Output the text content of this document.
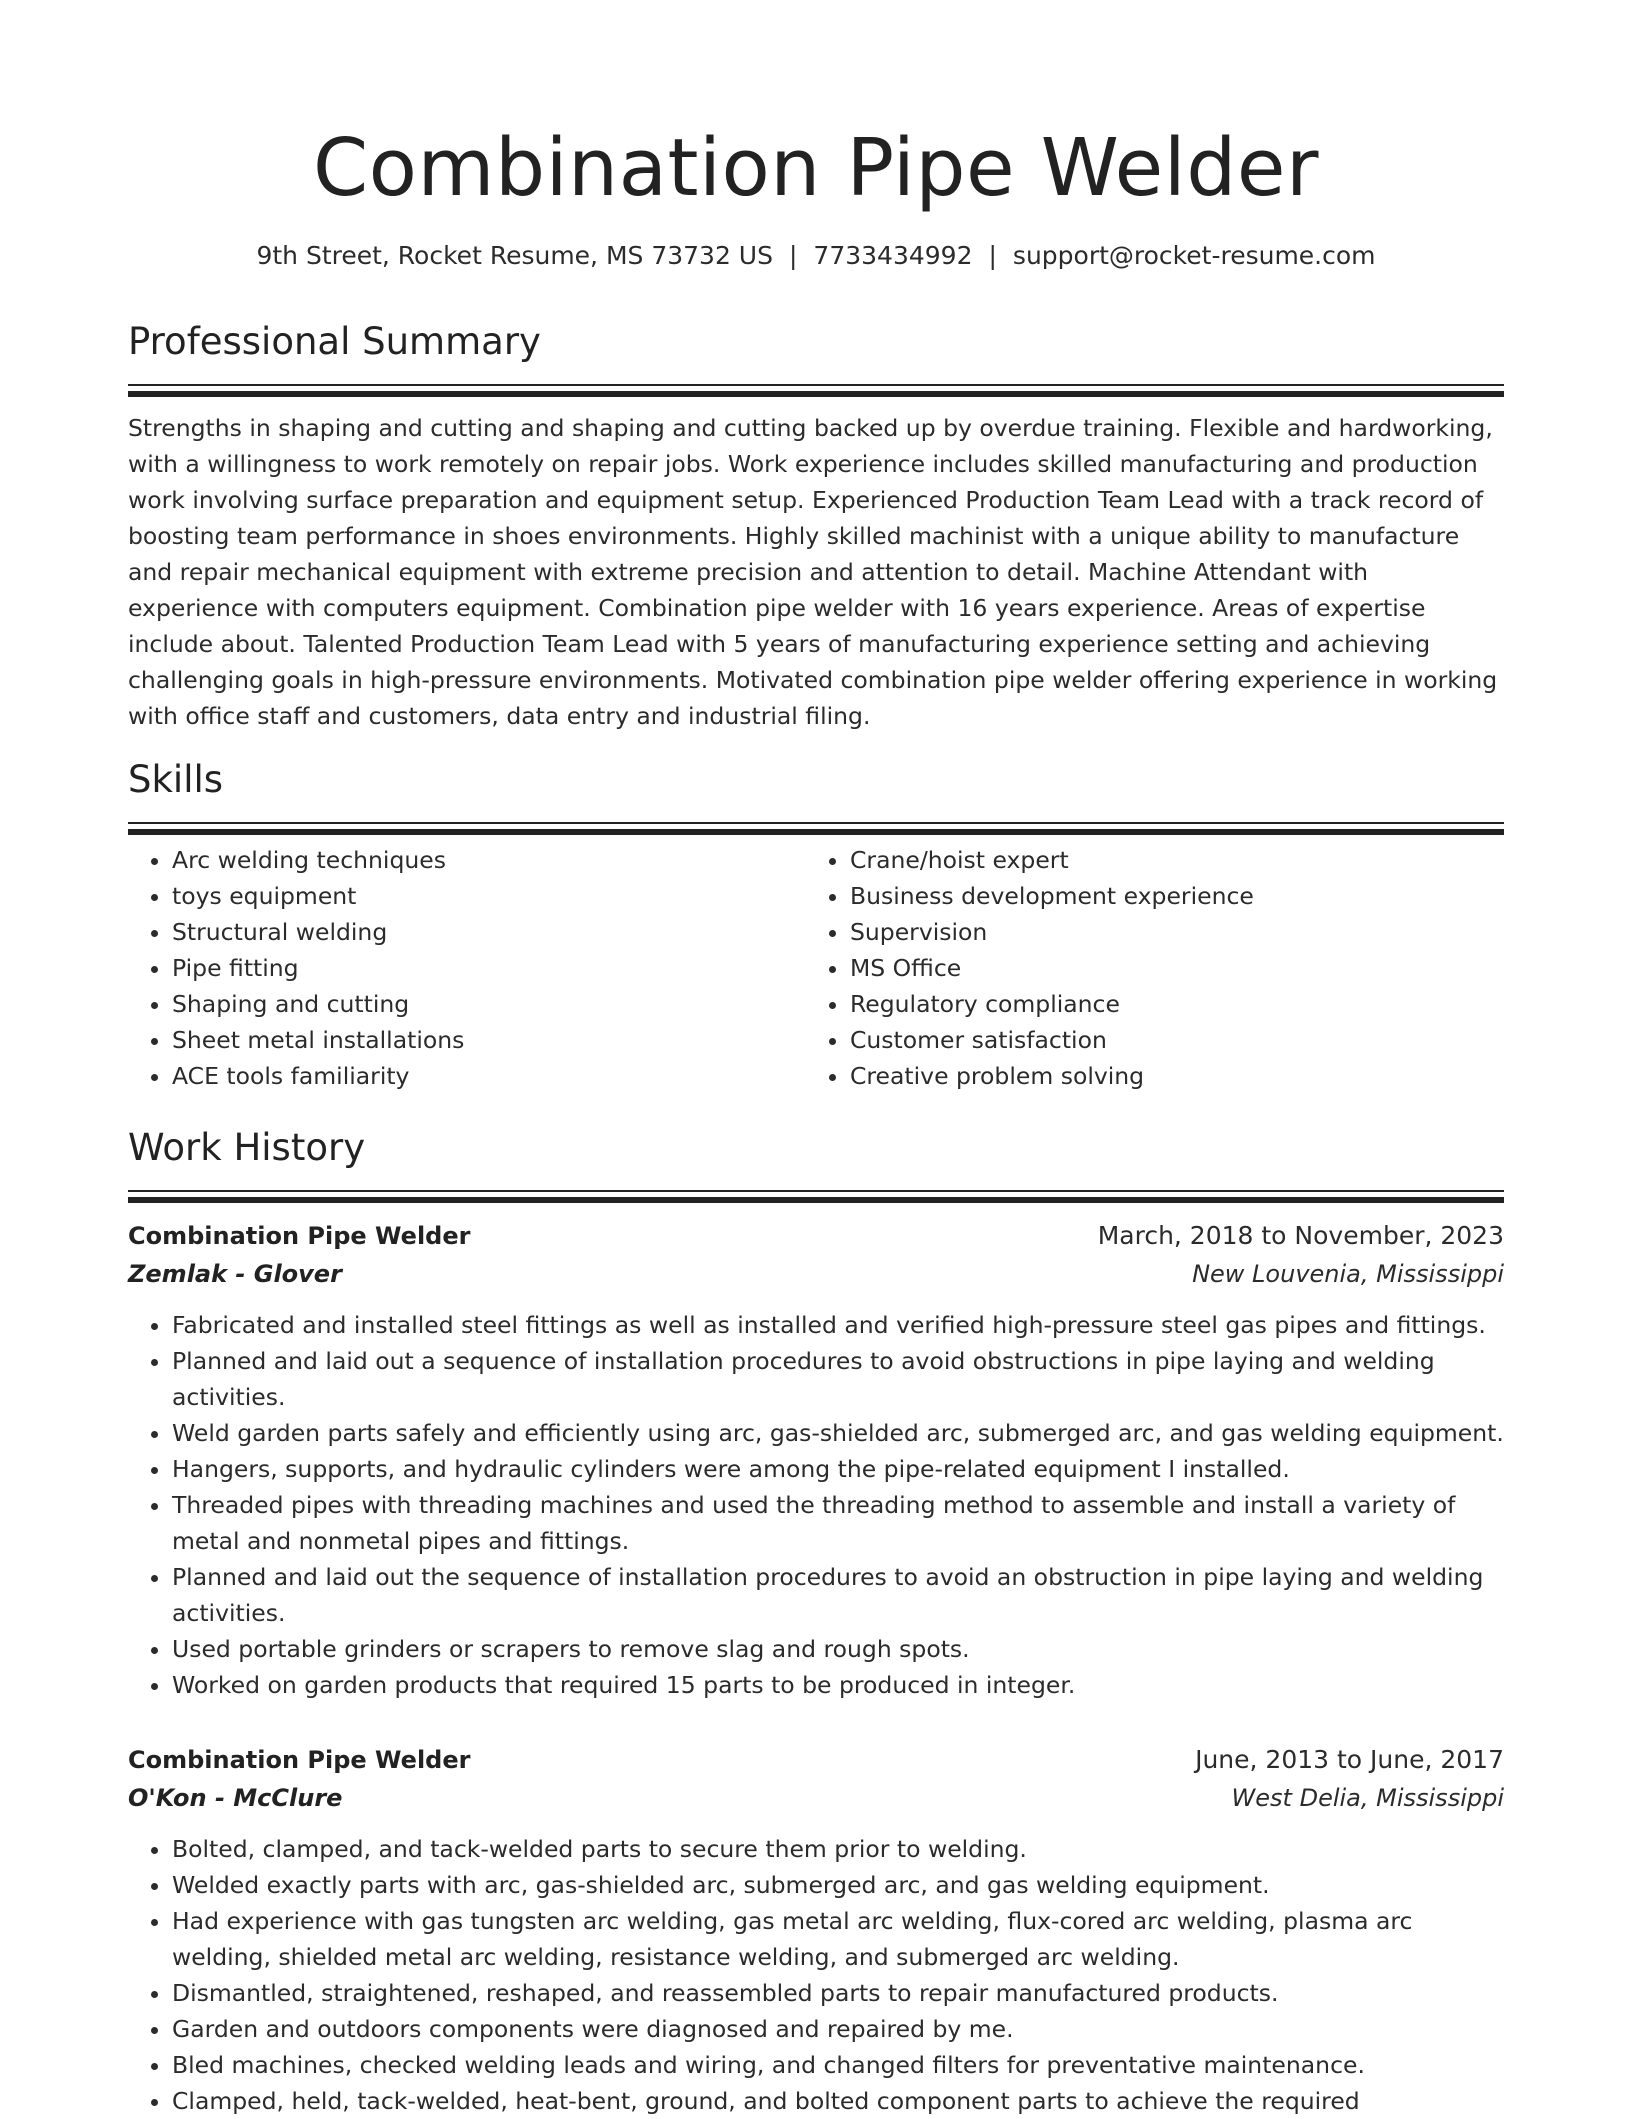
Combination Pipe Welder
9th Street, Rocket Resume, MS 73732 US | 7733434992 | support@rocket-resume.com
Professional Summary
Strengths in shaping and cutting and shaping and cutting backed up by overdue training. Flexible and hardworking, with a willingness to work remotely on repair jobs. Work experience includes skilled manufacturing and production work involving surface preparation and equipment setup. Experienced Production Team Lead with a track record of boosting team performance in shoes environments. Highly skilled machinist with a unique ability to manufacture and repair mechanical equipment with extreme precision and attention to detail. Machine Attendant with experience with computers equipment. Combination pipe welder with 16 years experience. Areas of expertise include about. Talented Production Team Lead with 5 years of manufacturing experience setting and achieving challenging goals in high-pressure environments. Motivated combination pipe welder offering experience in working with office staff and customers, data entry and industrial filing.
Skills
• Arc welding techniques
• toys equipment
• Structural welding
• Pipe fitting
• Shaping and cutting
• Sheet metal installations
• ACE tools familiarity
• Crane/hoist expert
• Business development experience
• Supervision
• MS Office
• Regulatory compliance
• Customer satisfaction
• Creative problem solving
Work History
Combination Pipe Welder	March, 2018 to November, 2023
Zemlak - Glover	New Louvenia, Mississippi
• Fabricated and installed steel fittings as well as installed and verified high-pressure steel gas pipes and fittings.
• Planned and laid out a sequence of installation procedures to avoid obstructions in pipe laying and welding activities.
• Weld garden parts safely and efficiently using arc, gas-shielded arc, submerged arc, and gas welding equipment.
• Hangers, supports, and hydraulic cylinders were among the pipe-related equipment I installed.
• Threaded pipes with threading machines and used the threading method to assemble and install a variety of metal and nonmetal pipes and fittings.
• Planned and laid out the sequence of installation procedures to avoid an obstruction in pipe laying and welding activities.
• Used portable grinders or scrapers to remove slag and rough spots.
• Worked on garden products that required 15 parts to be produced in integer.
Combination Pipe Welder	June, 2013 to June, 2017
O'Kon - McClure	West Delia, Mississippi
• Bolted, clamped, and tack-welded parts to secure them prior to welding.
• Welded exactly parts with arc, gas-shielded arc, submerged arc, and gas welding equipment.
• Had experience with gas tungsten arc welding, gas metal arc welding, flux-cored arc welding, plasma arc welding, shielded metal arc welding, resistance welding, and submerged arc welding.
• Dismantled, straightened, reshaped, and reassembled parts to repair manufactured products.
• Garden and outdoors components were diagnosed and repaired by me.
• Bled machines, checked welding leads and wiring, and changed filters for preventative maintenance.
• Clamped, held, tack-welded, heat-bent, ground, and bolted component parts to achieve the required
